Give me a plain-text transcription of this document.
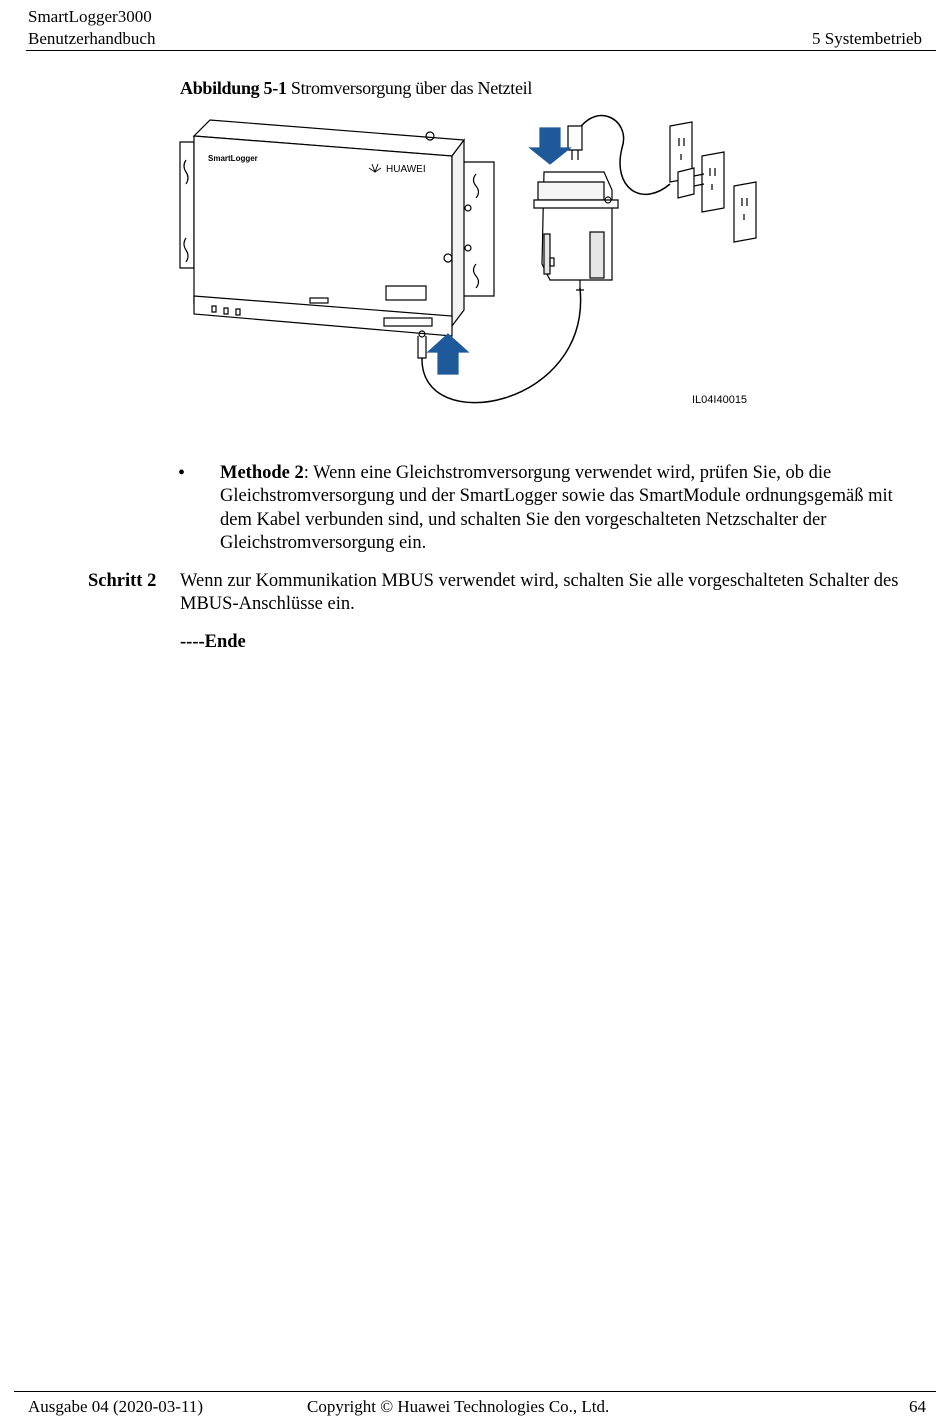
SmartLogger3000
Benutzerhandbuch	5 Systembetrieb
Abbildung 5-1 Stromversorgung über das Netzteil
SmartLogger
HUAWEI
IL04I40015
• Methode 2: Wenn eine Gleichstromversorgung verwendet wird, prüfen Sie, ob die Gleichstromversorgung und der SmartLogger sowie das SmartModule ordnungsgemäß mit dem Kabel verbunden sind, und schalten Sie den vorgeschalteten Netzschalter der Gleichstromversorgung ein.
Schritt 2 Wenn zur Kommunikation MBUS verwendet wird, schalten Sie alle vorgeschalteten Schalter des MBUS-Anschlüsse ein.
----Ende
Ausgabe 04 (2020-03-11)	Copyright © Huawei Technologies Co., Ltd.	64
